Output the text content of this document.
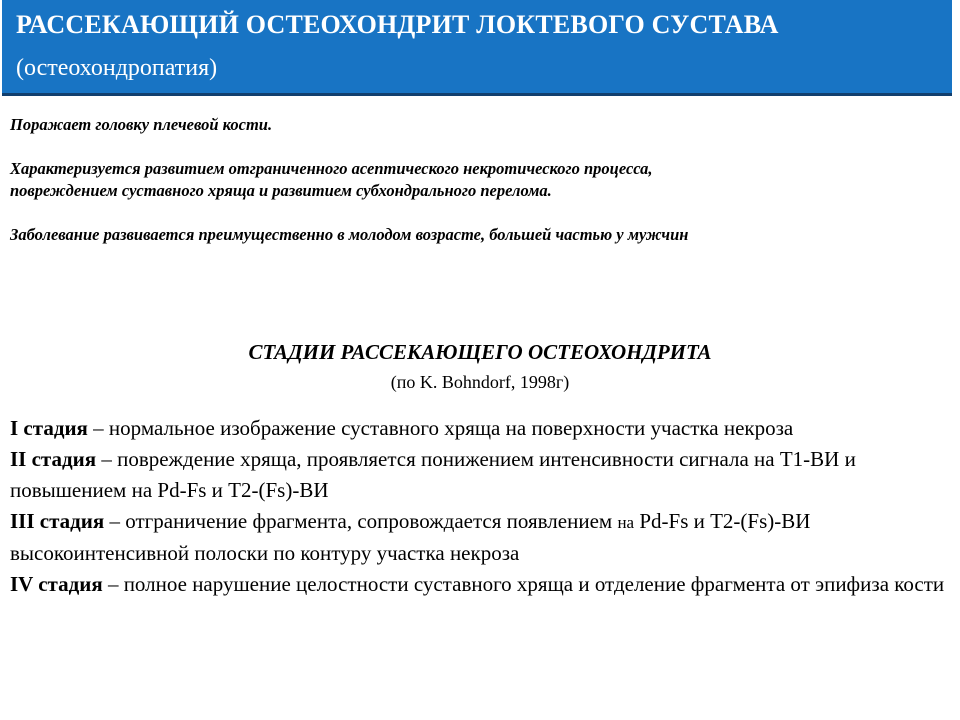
РАССЕКАЮЩИЙ ОСТЕОХОНДРИТ ЛОКТЕВОГО СУСТАВА
(остеохондропатия)

Поражает головку плечевой кости.

Характеризуется развитием отграниченного асептического некротического процесса, повреждением суставного хряща и развитием субхондрального перелома.

Заболевание развивается преимущественно в молодом возрасте, большей частью у мужчин

СТАДИИ РАССЕКАЮЩЕГО ОСТЕОХОНДРИТА
(по K. Bohndorf, 1998г)

I стадия – нормальное изображение суставного хряща на поверхности участка некроза

II стадия – повреждение хряща, проявляется понижением интенсивности сигнала на Т1-ВИ и повышением на Pd-Fs и Т2-(Fs)-ВИ

III стадия – отграничение фрагмента, сопровождается появлением на Pd-Fs и Т2-(Fs)-ВИ высокоинтенсивной полоски по контуру участка некроза

IV стадия – полное нарушение целостности суставного хряща и отделение фрагмента от эпифиза кости
